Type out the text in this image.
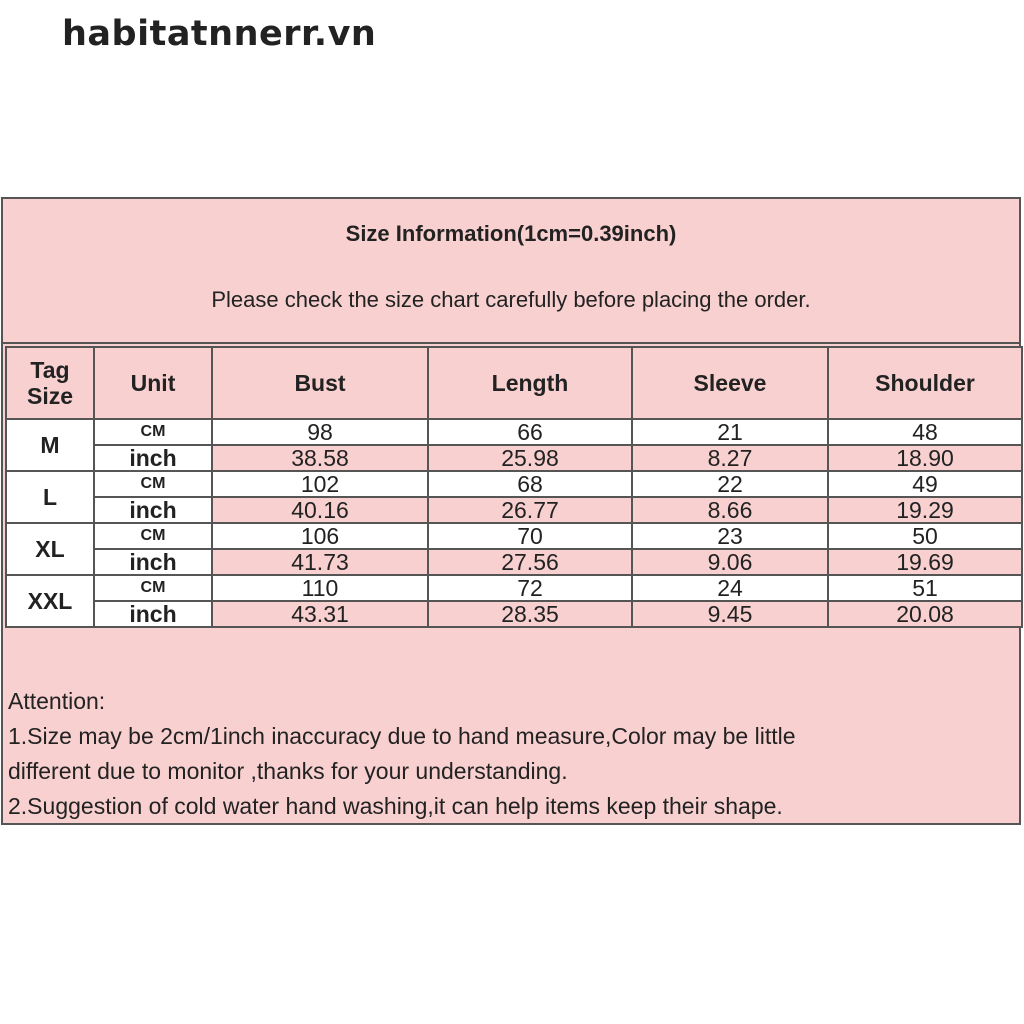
habitatnnerr.vn
Size Information(1cm=0.39inch)
Please check the size chart carefully before placing the order.
Tag Size	Unit	Bust	Length	Sleeve	Shoulder
M	CM	98	66	21	48
	inch	38.58	25.98	8.27	18.90
L	CM	102	68	22	49
	inch	40.16	26.77	8.66	19.29
XL	CM	106	70	23	50
	inch	41.73	27.56	9.06	19.69
XXL	CM	110	72	24	51
	inch	43.31	28.35	9.45	20.08

Attention:

1.Size may be 2cm/1inch inaccuracy due to hand measure,Color may be little

different due to monitor ,thanks for your understanding.

2.Suggestion of cold water hand washing,it can help items keep their shape.
